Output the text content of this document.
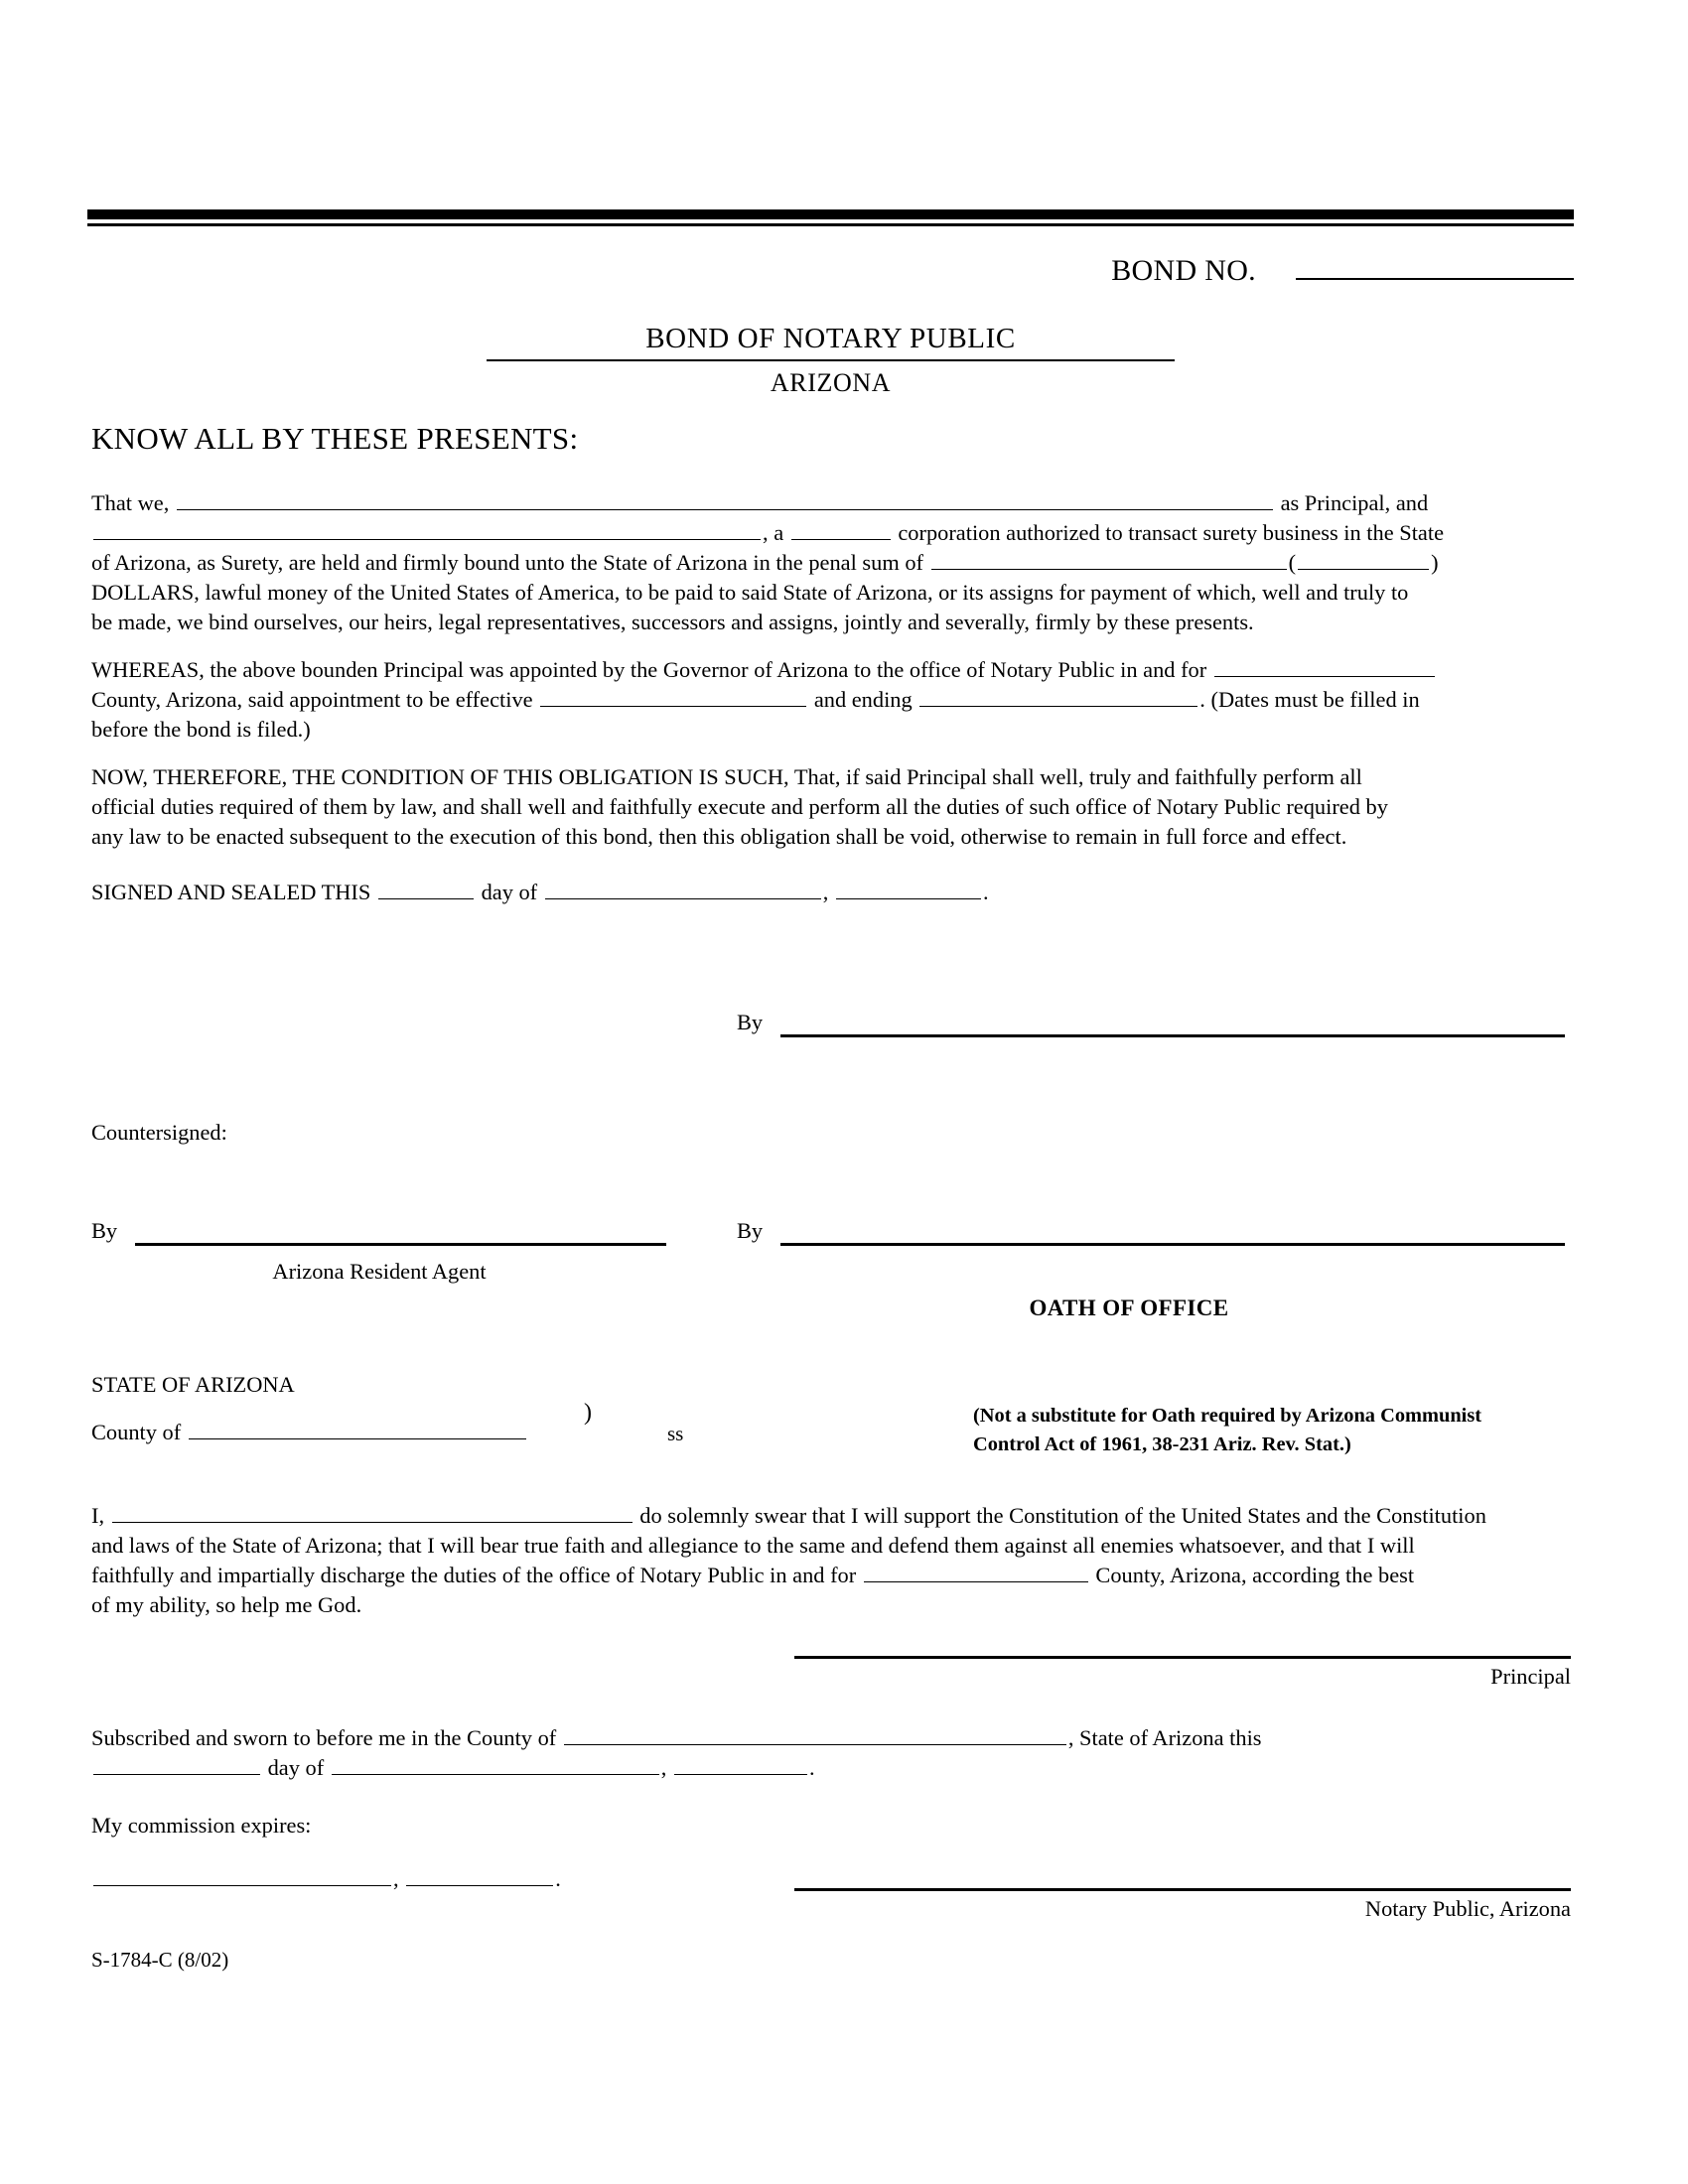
BOND NO.
BOND OF NOTARY PUBLIC
ARIZONA
KNOW ALL BY THESE PRESENTS:
That we,	as Principal, and
, a	corporation authorized to transact surety business in the State
of Arizona, as Surety, are held and firmly bound unto the State of Arizona in the penal sum of	(	)
DOLLARS, lawful money of the United States of America, to be paid to said State of Arizona, or its assigns for payment of which, well and truly to
be made, we bind ourselves, our heirs, legal representatives, successors and assigns, jointly and severally, firmly by these presents.
WHEREAS, the above bounden Principal was appointed by the Governor of Arizona to the office of Notary Public in and for
County, Arizona, said appointment to be effective	and ending	. (Dates must be filled in
before the bond is filed.)
NOW, THEREFORE, THE CONDITION OF THIS OBLIGATION IS SUCH, That, if said Principal shall well, truly and faithfully perform all
official duties required of them by law, and shall well and faithfully execute and perform all the duties of such office of Notary Public required by
any law to be enacted subsequent to the execution of this bond, then this obligation shall be void, otherwise to remain in full force and effect.
SIGNED AND SEALED THIS	day of	,	.
By
Countersigned:
By
Arizona Resident Agent
By
OATH OF OFFICE
STATE OF ARIZONA
)
County of	ss
(Not a substitute for Oath required by Arizona Communist
Control Act of 1961, 38-231 Ariz. Rev. Stat.)
I,	do solemnly swear that I will support the Constitution of the United States and the Constitution
and laws of the State of Arizona; that I will bear true faith and allegiance to the same and defend them against all enemies whatsoever, and that I will
faithfully and impartially discharge the duties of the office of Notary Public in and for	County, Arizona, according the best
of my ability, so help me God.
Principal
Subscribed and sworn to before me in the County of	, State of Arizona this
day of	,	.
My commission expires:
,	.
Notary Public, Arizona
S-1784-C (8/02)
